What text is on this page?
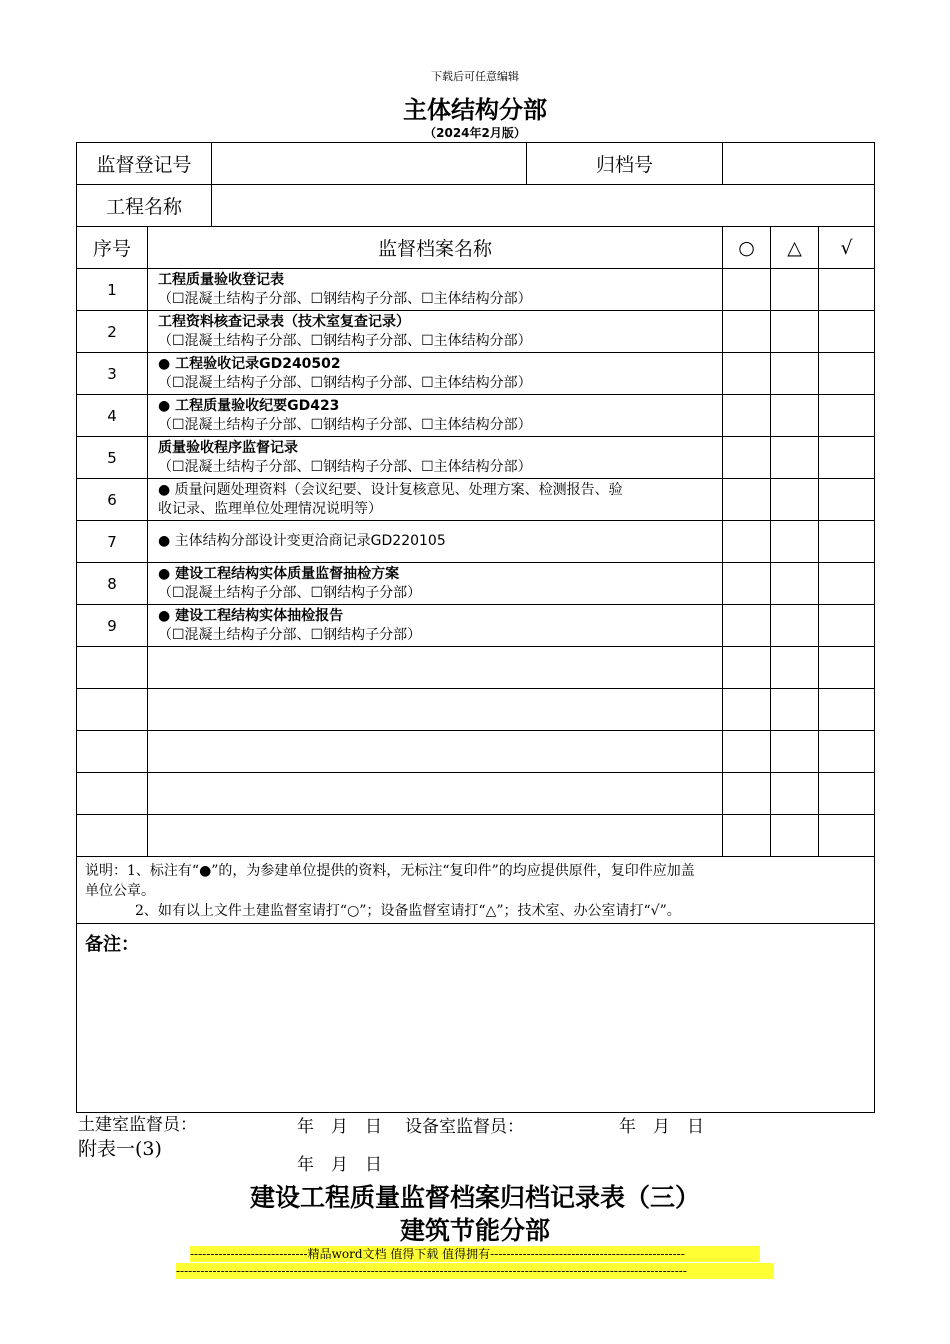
下载后可任意编辑
主体结构分部
（2024年2月版）
监督登记号			归档号			
工程名称						
序号	监督档案名称			○	△	√
1	工程质量验收登记表
（☐混凝土结构子分部、☐钢结构子分部、☐主体结构分部）					

2	工程资料核查记录表（技术室复查记录）
（☐混凝土结构子分部、☐钢结构子分部、☐主体结构分部）					

3	● 工程验收记录GD240502
（☐混凝土结构子分部、☐钢结构子分部、☐主体结构分部）					

4	● 工程质量验收纪要GD423
（☐混凝土结构子分部、☐钢结构子分部、☐主体结构分部）					

5	质量验收程序监督记录
（☐混凝土结构子分部、☐钢结构子分部、☐主体结构分部）					

6	● 质量问题处理资料（会议纪要、设计复核意见、处理方案、检测报告、验
收记录、监理单位处理情况说明等）					

7	● 主体结构分部设计变更洽商记录GD220105					

8	● 建设工程结构实体质量监督抽检方案
（☐混凝土结构子分部、☐钢结构子分部）					

9	● 建设工程结构实体抽检报告
（☐混凝土结构子分部、☐钢结构子分部）					

说明：1、标注有“●”的，为参建单位提供的资料，无标注“复印件”的均应提供原件，复印件应加盖
单位公章。
2、如有以上文件土建监督室请打“○”；设备监督室请打“△”；技术室、办公室请打“√”。						

备注：						
土建室监督员：	年　月　日 设备室监督员：	年　月　日
年　月　日
附表一(3)
建设工程质量监督档案归档记录表（三）
建筑节能分部
-----------------------------精品word文档 值得下载 值得拥有------------------------------------------------
------------------------------------------------------------------------------------------------------------------------------
